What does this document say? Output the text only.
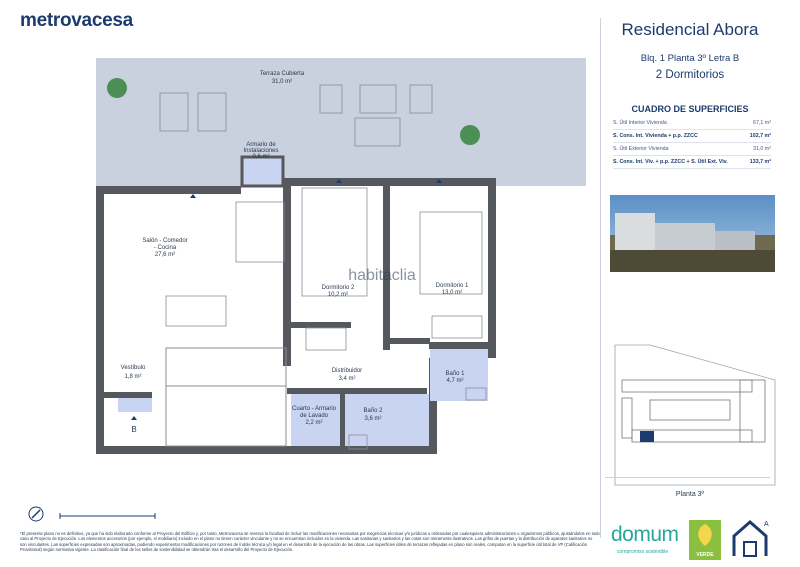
metrovacesa
Terraza Cubierta
31,0 m²
Armario de
Instalaciones
0,6 m²
Salón - Comedor
- Cocina
27,6 m²
Dormitorio 2
10,2 m²
Dormitorio 1
13,0 m²
Vestíbulo
1,8 m²
Distribuidor
3,4 m²
Baño 1
4,7 m²
Cuarto - Armario
de Lavado
2,2 m²
Baño 2
3,6 m²
B
habitaclia
Residencial Abora
Blq. 1 Planta 3º Letra B
2 Dormitorios
CUADRO DE SUPERFICIES
S. Útil Interior Vivienda	67,1 m²
S. Cons. Int. Vivienda + p.p. ZZCC	102,7 m²
S. Útil Exterior Vivienda	31,0 m²
S. Cons. Int. Viv. + p.p. ZZCC + S. Útil Ext. Viv.	133,7 m²
Planta 3º
*El presente plano no es definitivo, ya que ha sido elaborado conforme al Proyecto del Edificio y, por tanto, Metrovacesa se reserva la facultad de incluir las modificaciones necesarias por exigencias técnicas y/o jurídicas u ordenadas por cualesquiera administraciones u organismos públicos, ajustándolos en todo caso al Proyecto de Ejecución. Los elementos accesorios (por ejemplo, el mobiliario) incluido en el plano no tienen carácter vinculante y no se encuentran incluidos en la vivienda. Las sanitarias y sanitarios y las cotas son meramente ilustrativos. Las grifos de puertas y la distribución de aparatos sanitarios no son vinculantes. Las superficies expresadas son aproximadas, pudiendo experimentar modificaciones por razones de índole técnica y/o legal en el desarrollo de la ejecución de las obras. Las superficies útiles de terrazas reflejadas en plano son reales, computan en la superficie útil total de VP (Calificación Provisional) según normativa vigente. La clasificación final de los sellos de sostenibilidad se obtendrán tras el desarrollo del Proyecto de Ejecución.
domum
compromiso sostenible	VERDE
A
